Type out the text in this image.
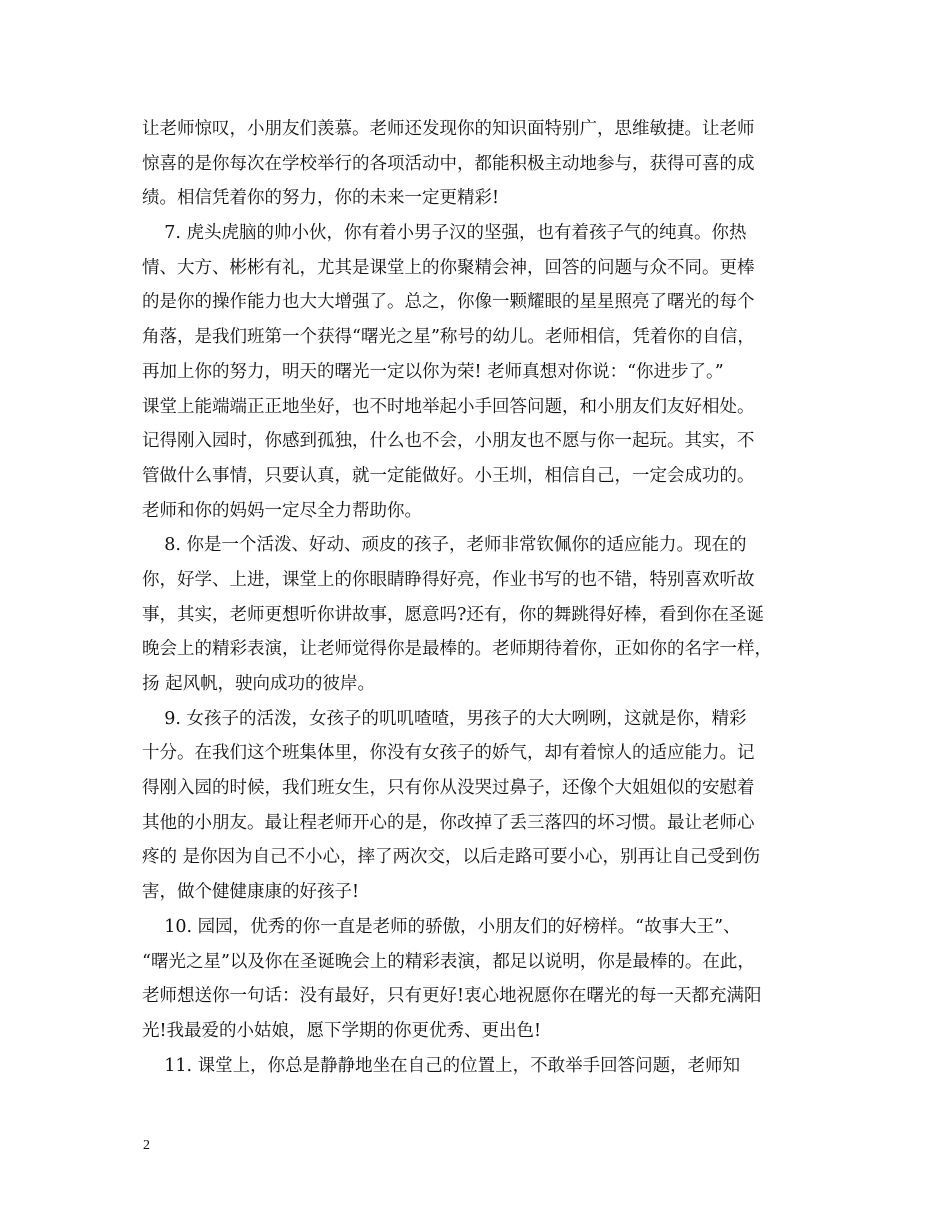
让老师惊叹，小朋友们羡慕。老师还发现你的知识面特别广，思维敏捷。让老师
惊喜的是你每次在学校举行的各项活动中，都能积极主动地参与，获得可喜的成
绩。相信凭着你的努力，你的未来一定更精彩!
7. 虎头虎脑的帅小伙，你有着小男子汉的坚强，也有着孩子气的纯真。你热
情、大方、彬彬有礼，尤其是课堂上的你聚精会神，回答的问题与众不同。更棒
的是你的操作能力也大大增强了。总之，你像一颗耀眼的星星照亮了曙光的每个
角落，是我们班第一个获得“曙光之星”称号的幼儿。老师相信，凭着你的自信，
再加上你的努力，明天的曙光一定以你为荣! 老师真想对你说：“你进步了。”
课堂上能端端正正地坐好，也不时地举起小手回答问题，和小朋友们友好相处。
记得刚入园时，你感到孤独，什么也不会，小朋友也不愿与你一起玩。其实，不
管做什么事情，只要认真，就一定能做好。小王圳，相信自己，一定会成功的。
老师和你的妈妈一定尽全力帮助你。
8. 你是一个活泼、好动、顽皮的孩子，老师非常钦佩你的适应能力。现在的
你，好学、上进，课堂上的你眼睛睁得好亮，作业书写的也不错，特别喜欢听故
事，其实，老师更想听你讲故事，愿意吗?还有，你的舞跳得好棒，看到你在圣诞
晚会上的精彩表演，让老师觉得你是最棒的。老师期待着你，正如你的名字一样，
扬 起风帆，驶向成功的彼岸。
9. 女孩子的活泼，女孩子的叽叽喳喳，男孩子的大大咧咧，这就是你，精彩
十分。在我们这个班集体里，你没有女孩子的娇气，却有着惊人的适应能力。记
得刚入园的时候，我们班女生，只有你从没哭过鼻子，还像个大姐姐似的安慰着
其他的小朋友。最让程老师开心的是，你改掉了丢三落四的坏习惯。最让老师心
疼的 是你因为自己不小心，摔了两次交，以后走路可要小心，别再让自己受到伤
害，做个健健康康的好孩子!
10. 园园，优秀的你一直是老师的骄傲，小朋友们的好榜样。“故事大王”、
“曙光之星”以及你在圣诞晚会上的精彩表演，都足以说明，你是最棒的。在此，
老师想送你一句话：没有最好，只有更好!衷心地祝愿你在曙光的每一天都充满阳
光!我最爱的小姑娘，愿下学期的你更优秀、更出色!
11. 课堂上，你总是静静地坐在自己的位置上，不敢举手回答问题，老师知
2
